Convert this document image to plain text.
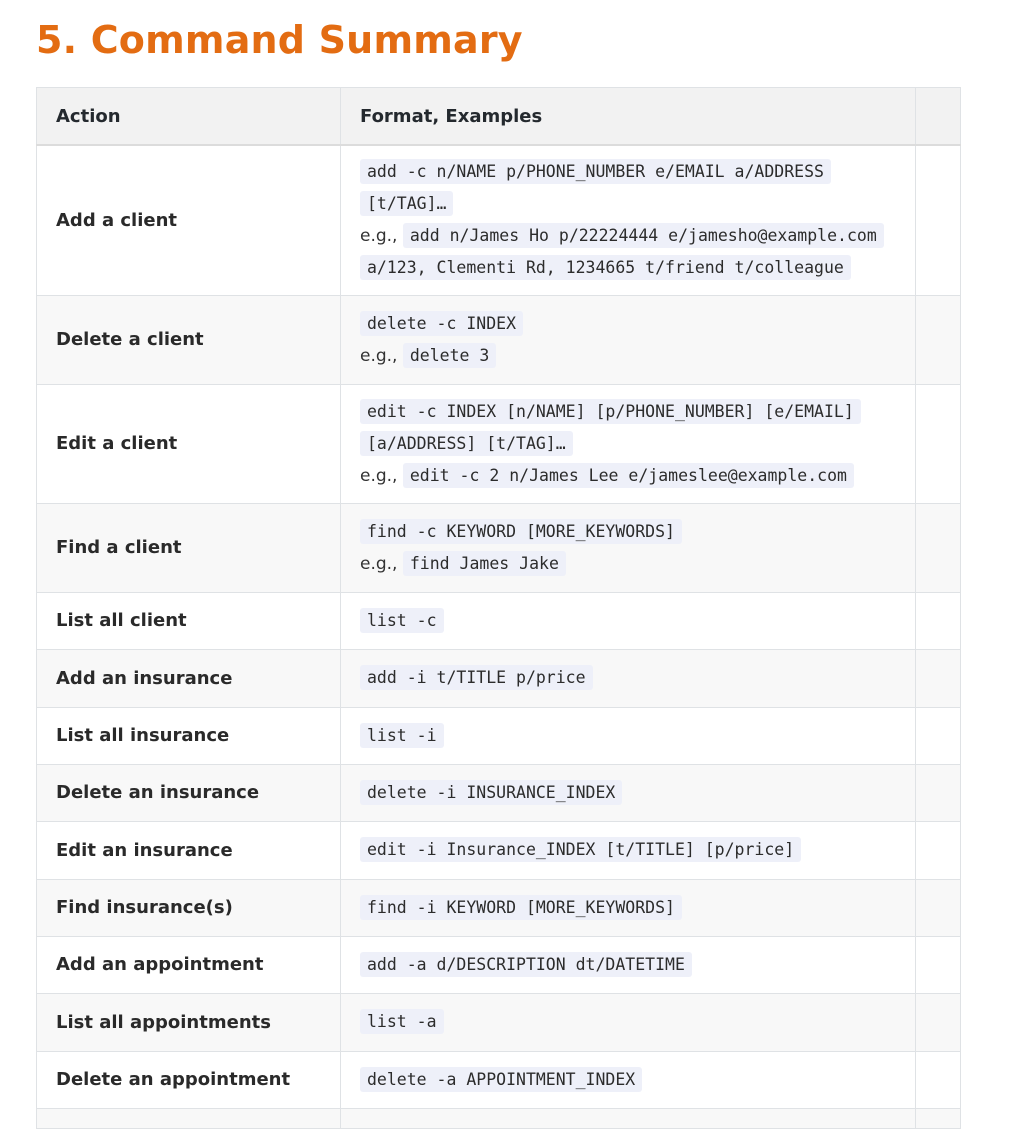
5. Command Summary
Action	Format, Examples	
Add a client	add -c n/NAME p/PHONE_NUMBER e/EMAIL a/ADDRESS [t/TAG]…
e.g., add n/James Ho p/22224444 e/jamesho@example.com a/123, Clementi Rd, 1234665 t/friend t/colleague	

Delete a client	delete -c INDEX
e.g., delete 3	

Edit a client	edit -c INDEX [n/NAME] [p/PHONE_NUMBER] [e/EMAIL] [a/ADDRESS] [t/TAG]…
e.g., edit -c 2 n/James Lee e/jameslee@example.com	

Find a client	find -c KEYWORD [MORE_KEYWORDS]
e.g., find James Jake	

List all client	list -c	

Add an insurance	add -i t/TITLE p/price	

List all insurance	list -i	

Delete an insurance	delete -i INSURANCE_INDEX	

Edit an insurance	edit -i Insurance_INDEX [t/TITLE] [p/price]	

Find insurance(s)	find -i KEYWORD [MORE_KEYWORDS]	

Add an appointment	add -a d/DESCRIPTION dt/DATETIME	

List all appointments	list -a	

Delete an appointment	delete -a APPOINTMENT_INDEX	
